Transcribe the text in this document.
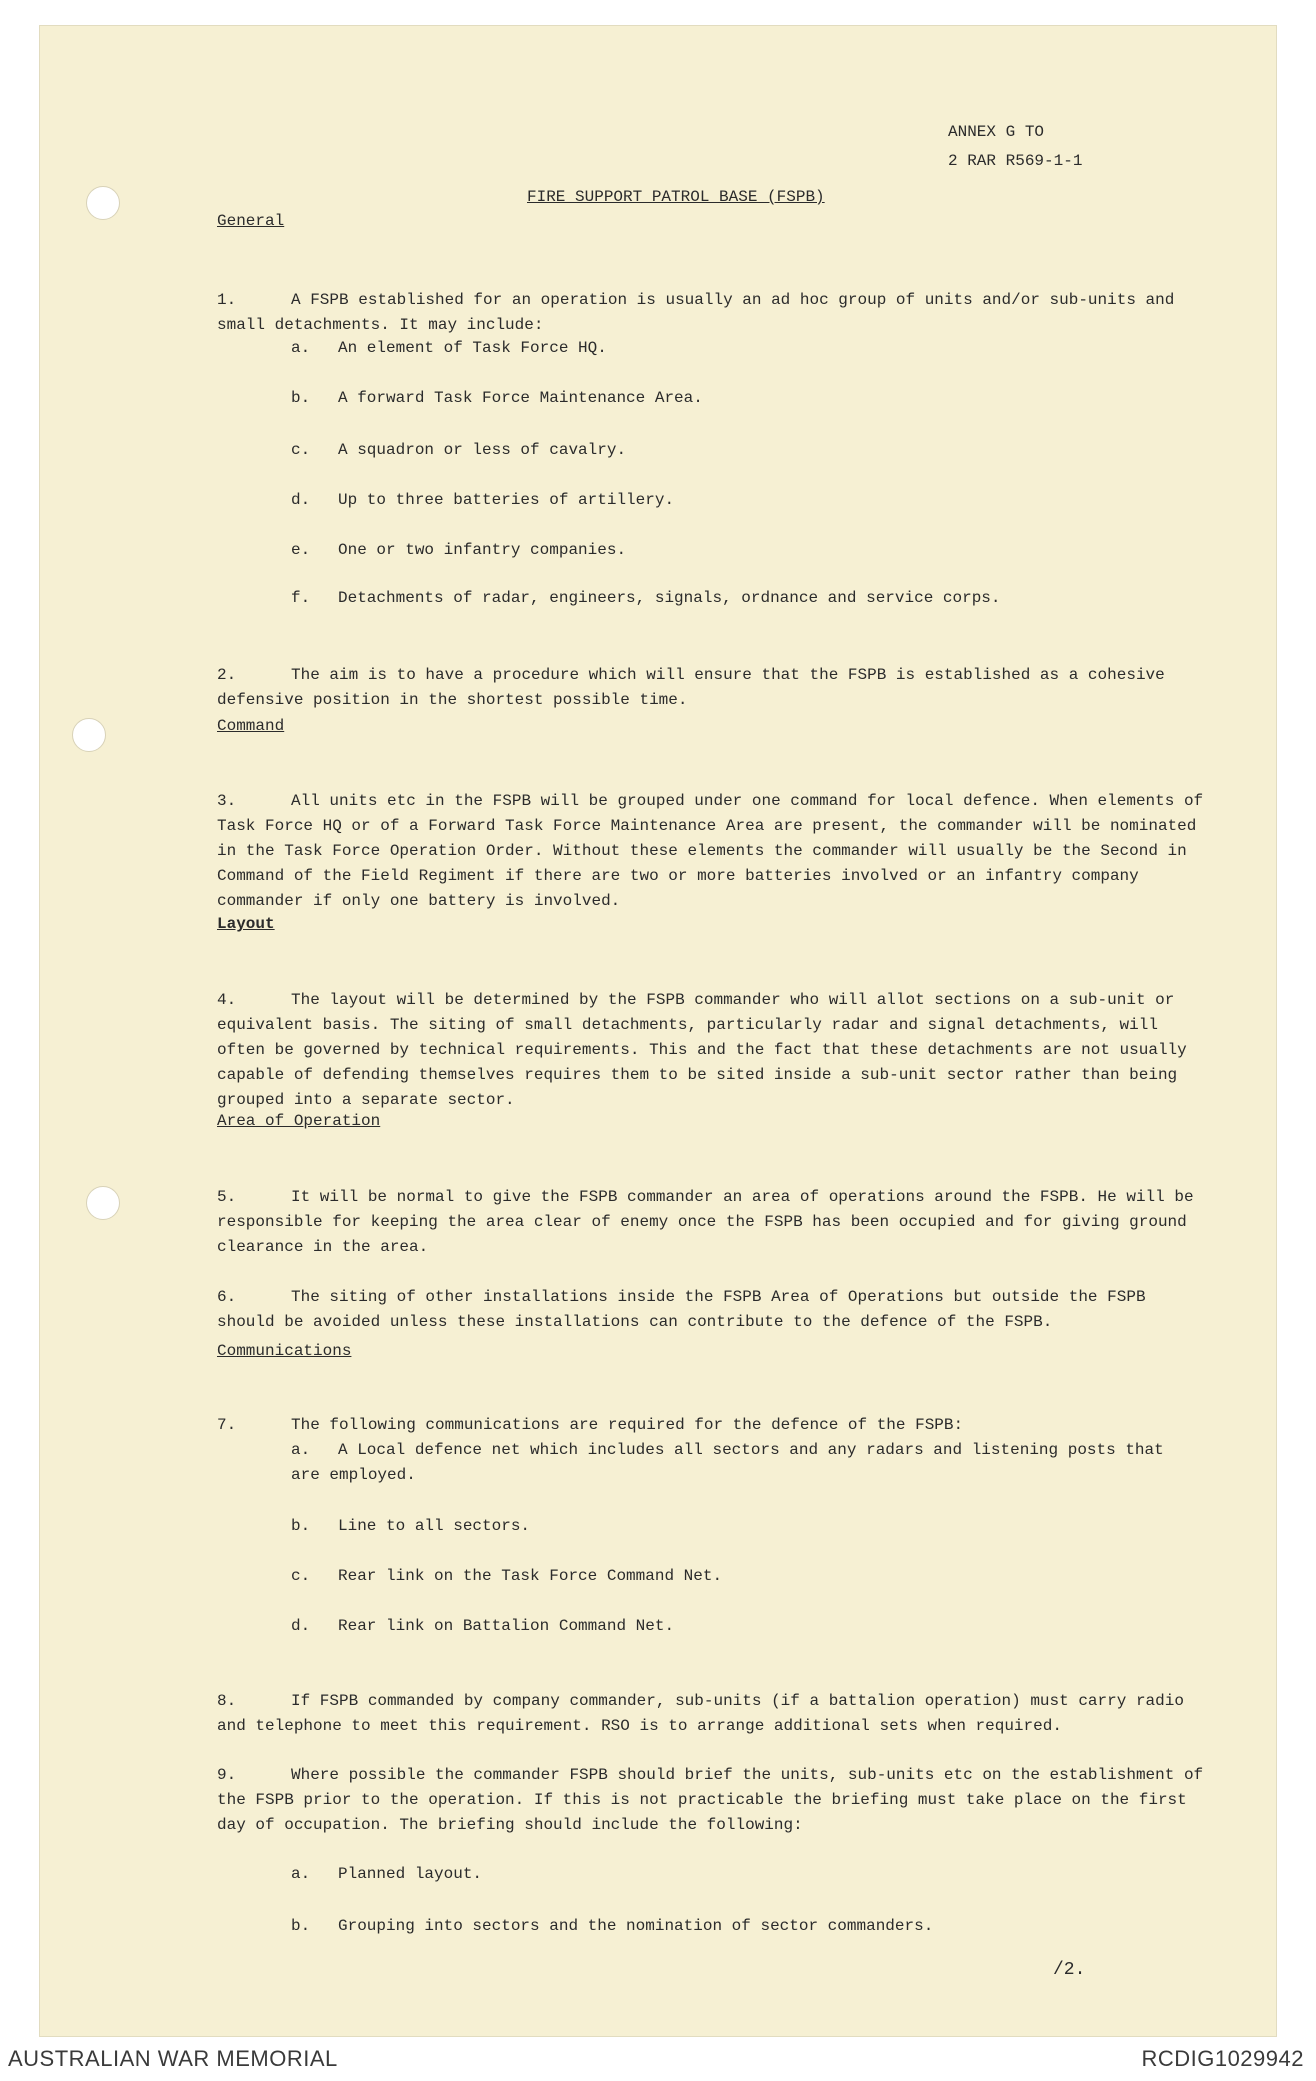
ANNEX G TO
2 RAR R569-1-1
FIRE SUPPORT PATROL BASE (FSPB)
General

1.	A FSPB established for an operation is usually an ad hoc group of units and/or sub-units and small detachments. It may include:

a. An element of Task Force HQ.
b. A forward Task Force Maintenance Area.
c. A squadron or less of cavalry.
d. Up to three batteries of artillery.
e. One or two infantry companies.
f. Detachments of radar, engineers, signals, ordnance and service corps.

2.	The aim is to have a procedure which will ensure that the FSPB is established as a cohesive defensive position in the shortest possible time.

Command

3.	All units etc in the FSPB will be grouped under one command for local defence. When elements of Task Force HQ or of a Forward Task Force Maintenance Area are present, the commander will be nominated in the Task Force Operation Order. Without these elements the commander will usually be the Second in Command of the Field Regiment if there are two or more batteries involved or an infantry company commander if only one battery is involved.

Layout

4.	The layout will be determined by the FSPB commander who will allot sections on a sub-unit or equivalent basis. The siting of small detachments, particularly radar and signal detachments, will often be governed by technical requirements. This and the fact that these detachments are not usually capable of defending themselves requires them to be sited inside a sub-unit sector rather than being grouped into a separate sector.

Area of Operation

5.	It will be normal to give the FSPB commander an area of operations around the FSPB. He will be responsible for keeping the area clear of enemy once the FSPB has been occupied and for giving ground clearance in the area.

6.	The siting of other installations inside the FSPB Area of Operations but outside the FSPB should be avoided unless these installations can contribute to the defence of the FSPB.

Communications

7.	The following communications are required for the defence of the FSPB:

a. A Local defence net which includes all sectors and any radars and listening posts that are employed.
b. Line to all sectors.
c. Rear link on the Task Force Command Net.
d. Rear link on Battalion Command Net.

8.	If FSPB commanded by company commander, sub-units (if a battalion operation) must carry radio and telephone to meet this requirement. RSO is to arrange additional sets when required.

9.	Where possible the commander FSPB should brief the units, sub-units etc on the establishment of the FSPB prior to the operation. If this is not practicable the briefing must take place on the first day of occupation. The briefing should include the following:

a. Planned layout.
b. Grouping into sectors and the nomination of sector commanders.
/2.
AUSTRALIAN WAR MEMORIAL	RCDIG1029942
